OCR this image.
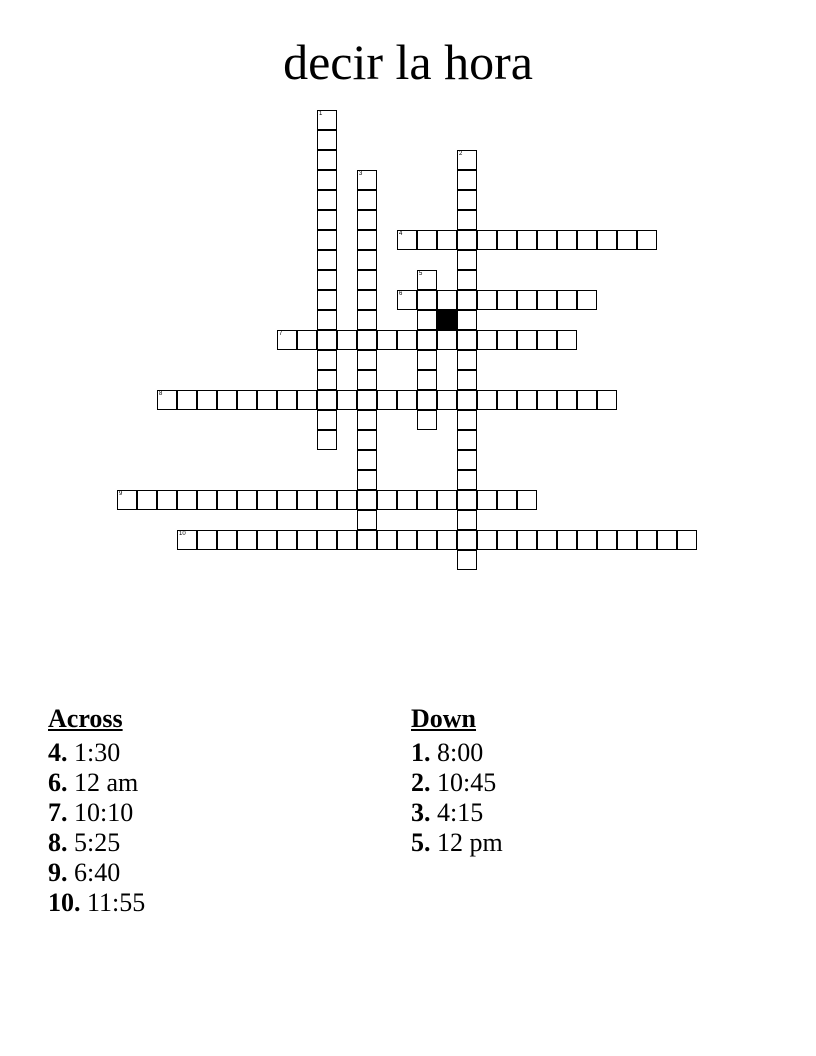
decir la hora
1
2
3
4
5
6
7
8
9
10
Across
4. 1:30
6. 12 am
7. 10:10
8. 5:25
9. 6:40
10. 11:55
Down
1. 8:00
2. 10:45
3. 4:15
5. 12 pm
